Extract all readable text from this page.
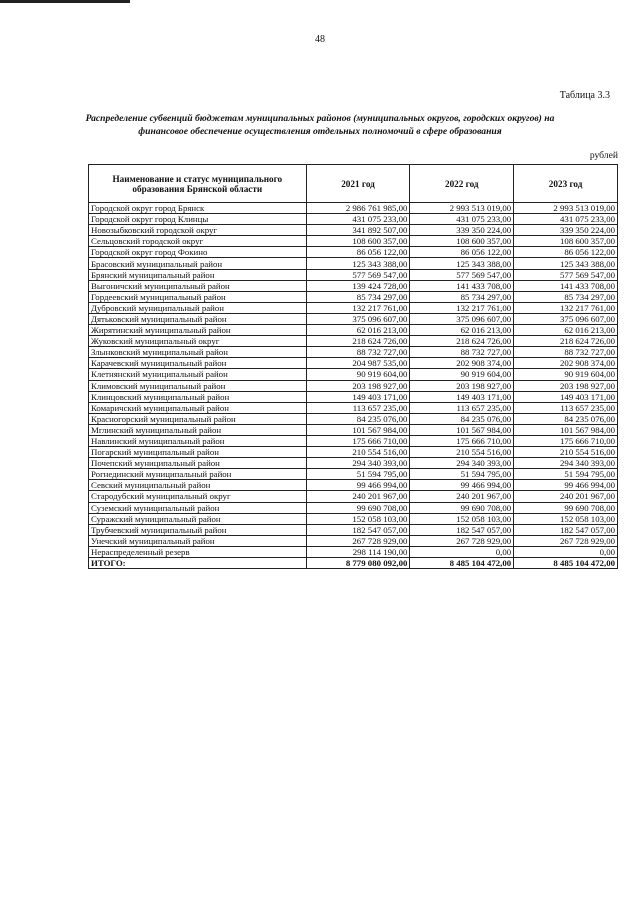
48
Таблица 3.3
Распределение субвенций бюджетам муниципальных районов (муниципальных округов, городских округов) на финансовое обеспечение осуществления отдельных полномочий в сфере образования
рублей
Наименование и статус муниципального образования Брянской области	2021 год	2022 год	2023 год
Городской округ город Брянск	2 986 761 985,00	2 993 513 019,00	2 993 513 019,00
Городской округ город Клинцы	431 075 233,00	431 075 233,00	431 075 233,00
Новозыбковский городской округ	341 892 507,00	339 350 224,00	339 350 224,00
Сельцовский городской округ	108 600 357,00	108 600 357,00	108 600 357,00
Городской округ город Фокино	86 056 122,00	86 056 122,00	86 056 122,00
Брасовский муниципальный район	125 343 388,00	125 343 388,00	125 343 388,00
Брянский муниципальный район	577 569 547,00	577 569 547,00	577 569 547,00
Выгоничский муниципальный район	139 424 728,00	141 433 708,00	141 433 708,00
Гордеевский муниципальный район	85 734 297,00	85 734 297,00	85 734 297,00
Дубровский муниципальный район	132 217 761,00	132 217 761,00	132 217 761,00
Дятьковский муниципальный район	375 096 607,00	375 096 607,00	375 096 607,00
Жирятинский муниципальный район	62 016 213,00	62 016 213,00	62 016 213,00
Жуковский муниципальный округ	218 624 726,00	218 624 726,00	218 624 726,00
Злынковский муниципальный район	88 732 727,00	88 732 727,00	88 732 727,00
Карачевский муниципальный район	204 987 535,00	202 908 374,00	202 908 374,00
Клетнянский муниципальный район	90 919 604,00	90 919 604,00	90 919 604,00
Климовский муниципальный район	203 198 927,00	203 198 927,00	203 198 927,00
Клинцовский муниципальный район	149 403 171,00	149 403 171,00	149 403 171,00
Комаричский муниципальный район	113 657 235,00	113 657 235,00	113 657 235,00
Красногорский муниципальный район	84 235 076,00	84 235 076,00	84 235 076,00
Мглинский муниципальный район	101 567 984,00	101 567 984,00	101 567 984,00
Навлинский муниципальный район	175 666 710,00	175 666 710,00	175 666 710,00
Погарский муниципальный район	210 554 516,00	210 554 516,00	210 554 516,00
Почепский муниципальный район	294 340 393,00	294 340 393,00	294 340 393,00
Рогнединский муниципальный район	51 594 795,00	51 594 795,00	51 594 795,00
Севский муниципальный район	99 466 994,00	99 466 994,00	99 466 994,00
Стародубский муниципальный округ	240 201 967,00	240 201 967,00	240 201 967,00
Суземский муниципальный район	99 690 708,00	99 690 708,00	99 690 708,00
Суражский муниципальный район	152 058 103,00	152 058 103,00	152 058 103,00
Трубчевский муниципальный район	182 547 057,00	182 547 057,00	182 547 057,00
Унечский муниципальный район	267 728 929,00	267 728 929,00	267 728 929,00
Нераспределенный резерв	298 114 190,00	0,00	0,00
ИТОГО:	8 779 080 092,00	8 485 104 472,00	8 485 104 472,00
